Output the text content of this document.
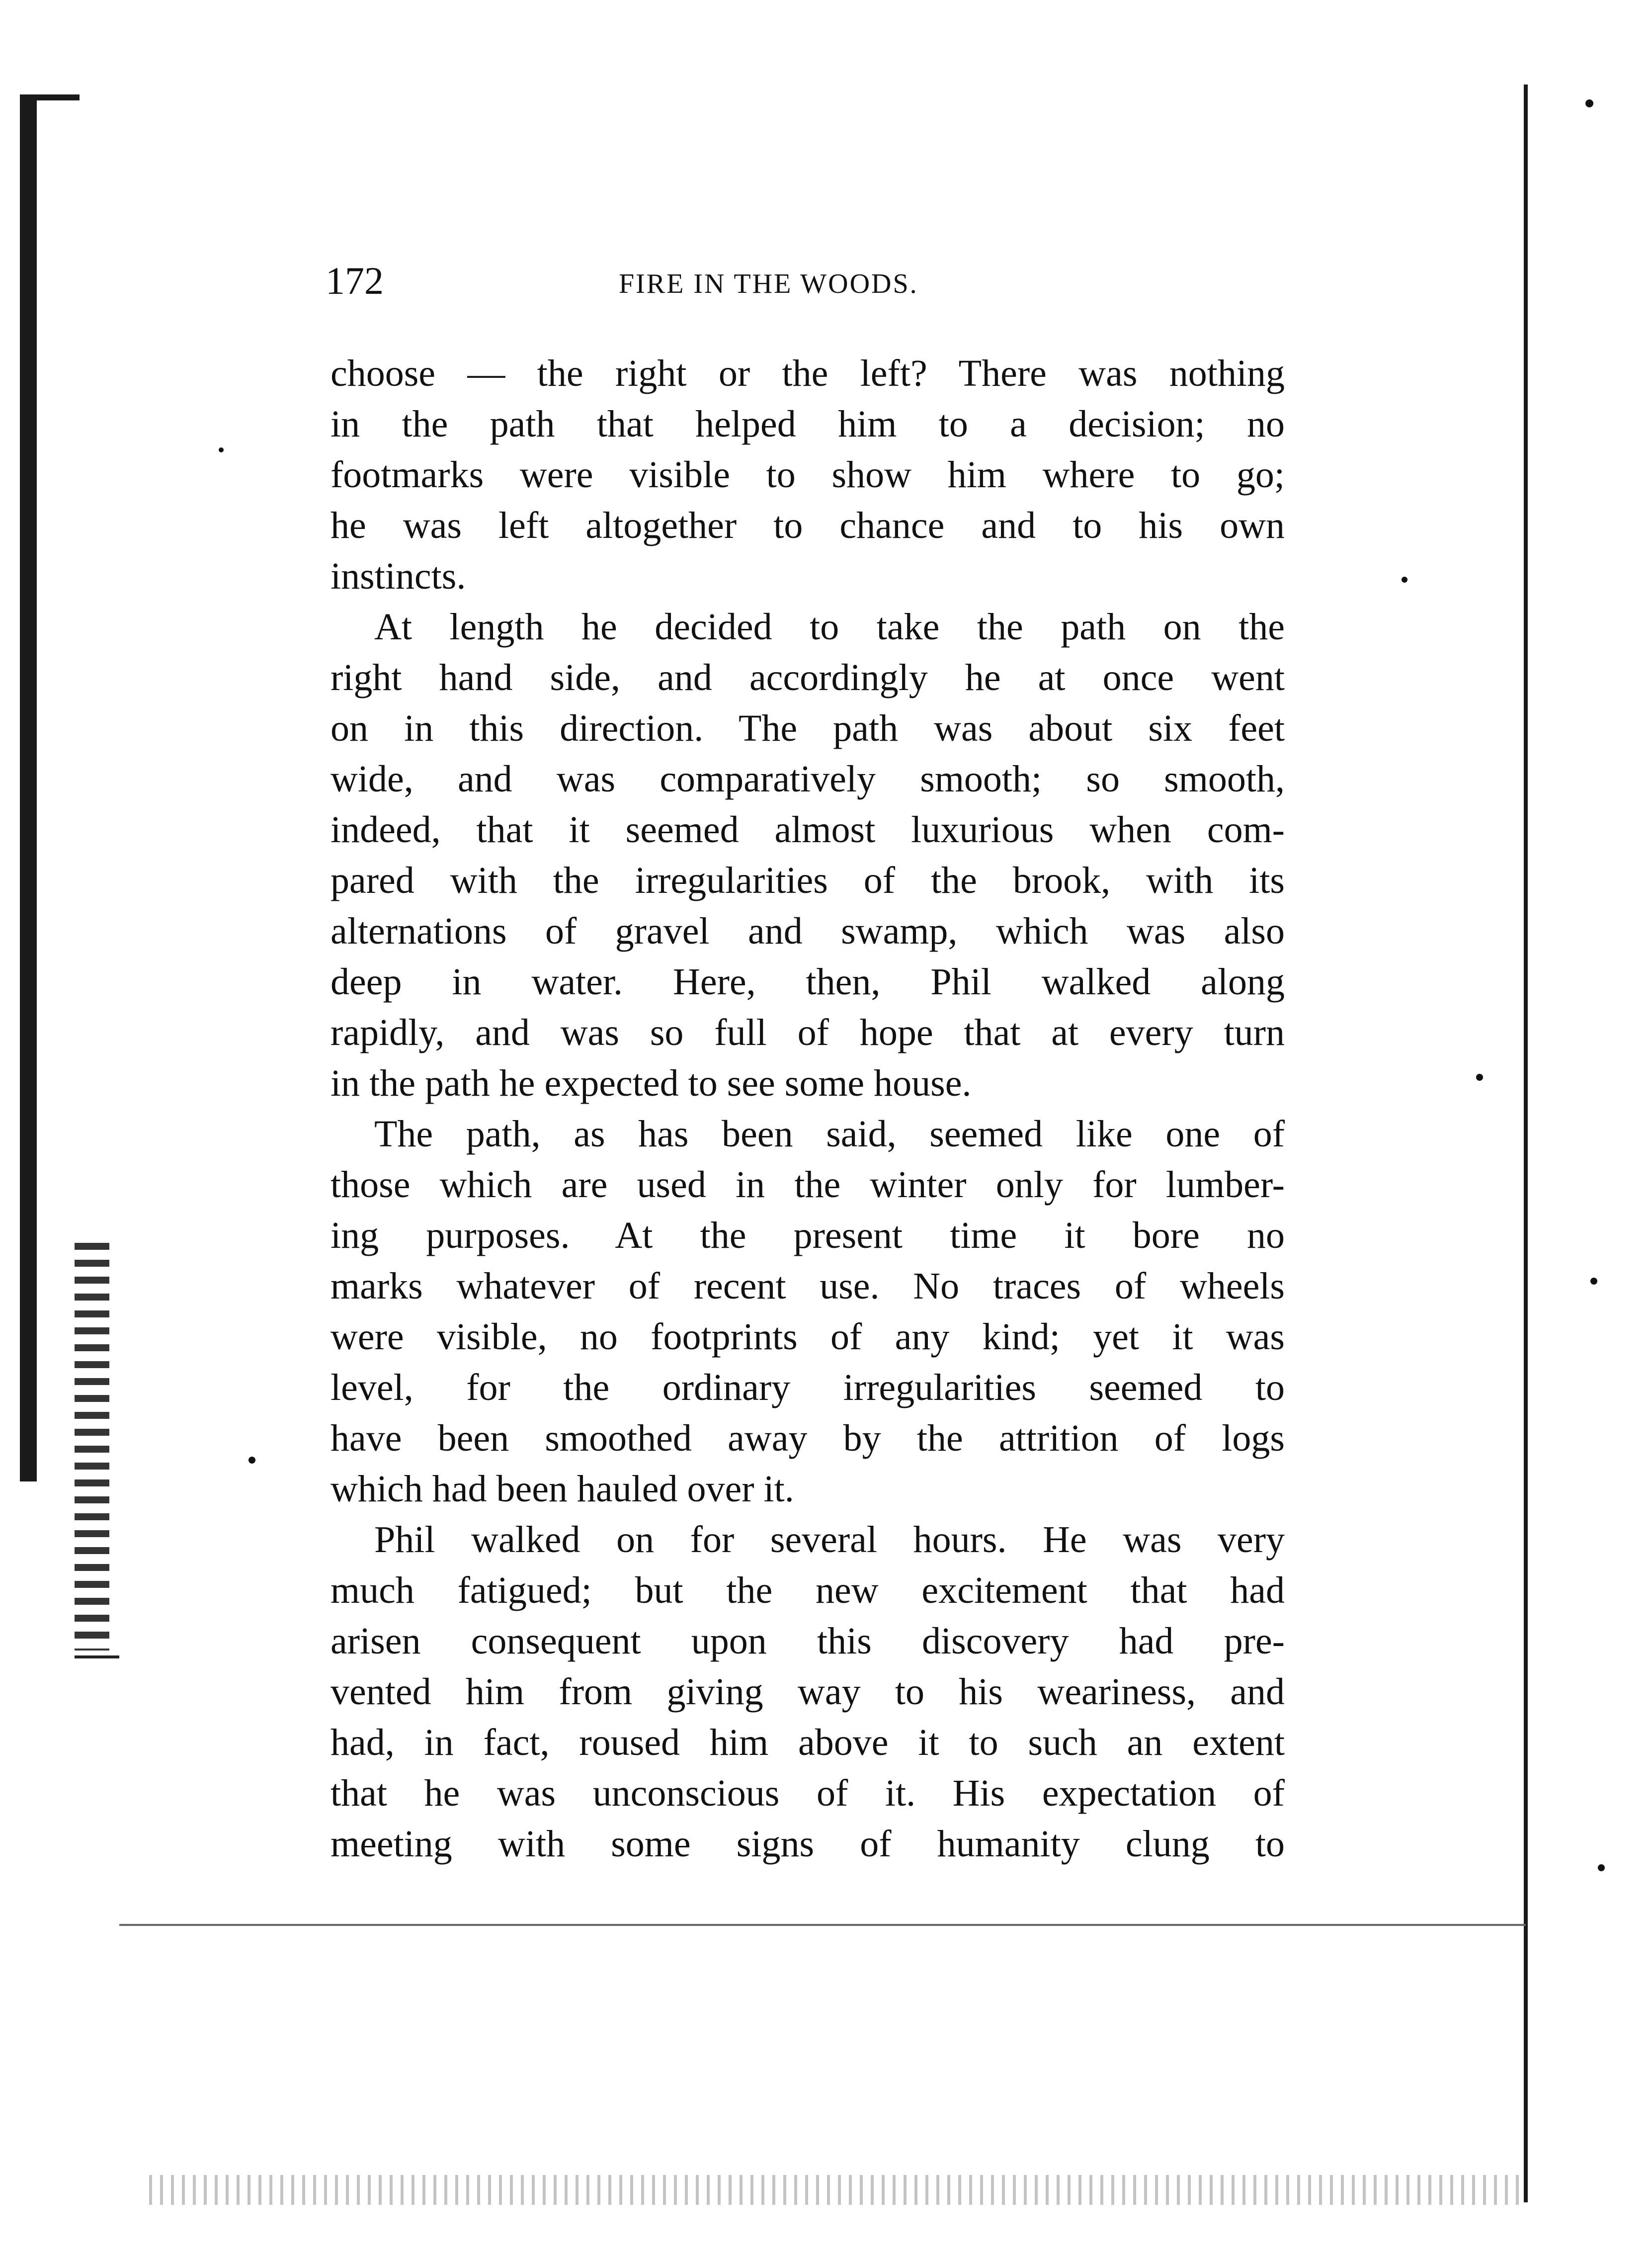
172	FIRE IN THE WOODS.
choose — the right or the left? There was nothing
in the path that helped him to a decision; no
footmarks were visible to show him where to go;
he was left altogether to chance and to his own
instincts.
At length he decided to take the path on the
right hand side, and accordingly he at once went
on in this direction. The path was about six feet
wide, and was comparatively smooth; so smooth,
indeed, that it seemed almost luxurious when com-
pared with the irregularities of the brook, with its
alternations of gravel and swamp, which was also
deep in water. Here, then, Phil walked along
rapidly, and was so full of hope that at every turn
in the path he expected to see some house.
The path, as has been said, seemed like one of
those which are used in the winter only for lumber-
ing purposes. At the present time it bore no
marks whatever of recent use. No traces of wheels
were visible, no footprints of any kind; yet it was
level, for the ordinary irregularities seemed to
have been smoothed away by the attrition of logs
which had been hauled over it.
Phil walked on for several hours. He was very
much fatigued; but the new excitement that had
arisen consequent upon this discovery had pre-
vented him from giving way to his weariness, and
had, in fact, roused him above it to such an extent
that he was unconscious of it. His expectation of
meeting with some signs of humanity clung to
